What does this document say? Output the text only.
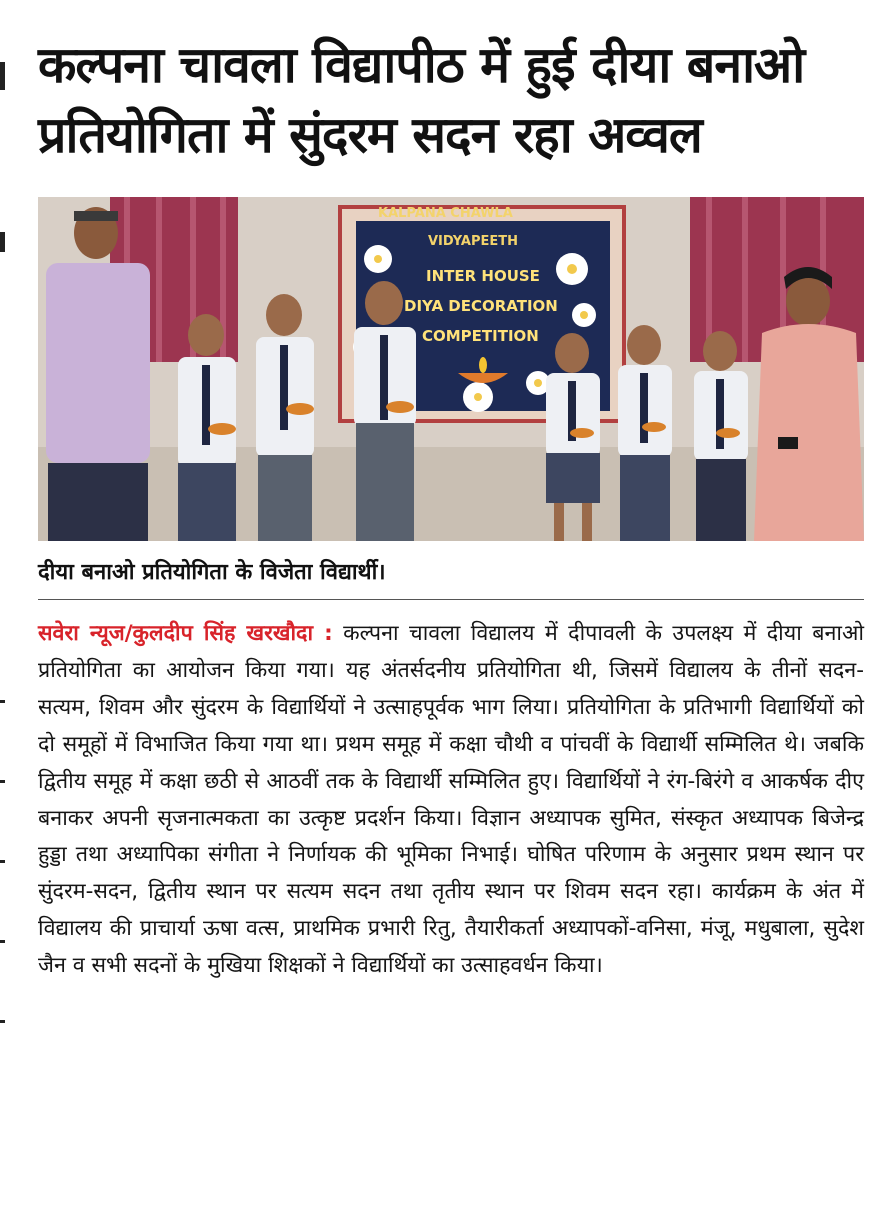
कल्पना चावला विद्यापीठ में हुई दीया बनाओ प्रतियोगिता में सुंदरम सदन रहा अव्वल
KALPANA CHAWLA
VIDYAPEETH
INTER HOUSE
DIYA DECORATION
COMPETITION

दीया बनाओ प्रतियोगिता के विजेता विद्यार्थी।

सवेरा न्यूज/कुलदीप सिंह खरखौदा : कल्पना चावला विद्यालय में दीपावली के उपलक्ष्य में दीया बनाओ प्रतियोगिता का आयोजन किया गया। यह अंतर्सदनीय प्रतियोगिता थी, जिसमें विद्यालय के तीनों सदन- सत्यम, शिवम और सुंदरम के विद्यार्थियों ने उत्साहपूर्वक भाग लिया। प्रतियोगिता के प्रतिभागी विद्यार्थियों को दो समूहों में विभाजित किया गया था। प्रथम समूह में कक्षा चौथी व पांचवीं के विद्यार्थी सम्मिलित थे। जबकि द्वितीय समूह में कक्षा छठी से आठवीं तक के विद्यार्थी सम्मिलित हुए। विद्यार्थियों ने रंग-बिरंगे व आकर्षक दीए बनाकर अपनी सृजनात्मकता का उत्कृष्ट प्रदर्शन किया। विज्ञान अध्यापक सुमित, संस्कृत अध्यापक बिजेन्द्र हुड्डा तथा अध्यापिका संगीता ने निर्णायक की भूमिका निभाई। घोषित परिणाम के अनुसार प्रथम स्थान पर सुंदरम-सदन, द्वितीय स्थान पर सत्यम सदन तथा तृतीय स्थान पर शिवम सदन रहा। कार्यक्रम के अंत में विद्यालय की प्राचार्या ऊषा वत्स, प्राथमिक प्रभारी रितु, तैयारीकर्ता अध्यापकों-वनिसा, मंजू, मधुबाला, सुदेश जैन व सभी सदनों के मुखिया शिक्षकों ने विद्यार्थियों का उत्साहवर्धन किया।
